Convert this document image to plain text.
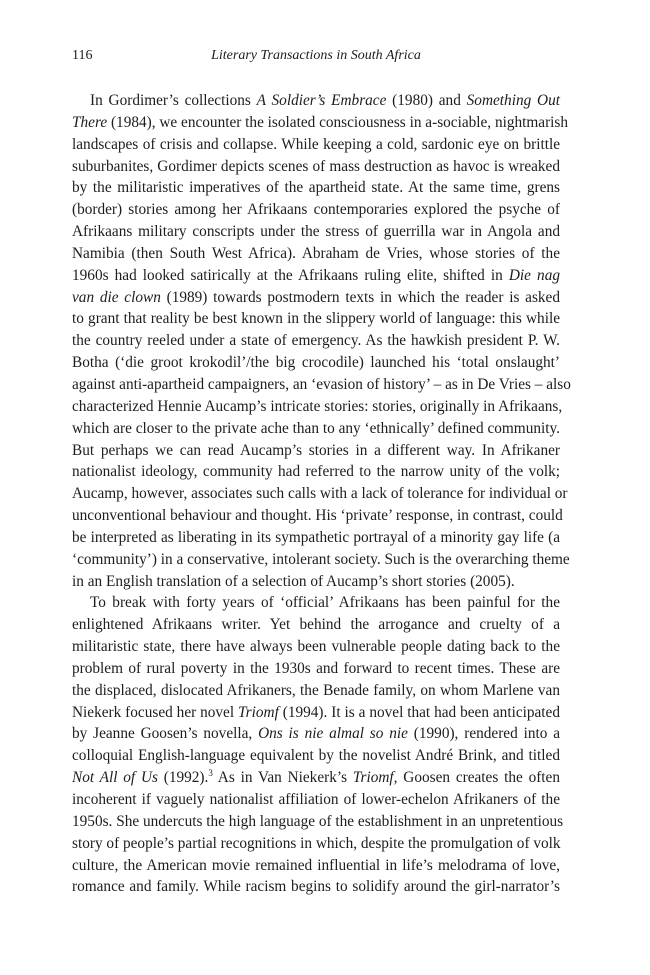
116	Literary Transactions in South Africa
In Gordimer’s collections A Soldier’s Embrace (1980) and Something Out
There (1984), we encounter the isolated consciousness in a-sociable, nightmarish
landscapes of crisis and collapse. While keeping a cold, sardonic eye on brittle
suburbanites, Gordimer depicts scenes of mass destruction as havoc is wreaked
by the militaristic imperatives of the apartheid state. At the same time, grens
(border) stories among her Afrikaans contemporaries explored the psyche of
Afrikaans military conscripts under the stress of guerrilla war in Angola and
Namibia (then South West Africa). Abraham de Vries, whose stories of the
1960s had looked satirically at the Afrikaans ruling elite, shifted in Die nag
van die clown (1989) towards postmodern texts in which the reader is asked
to grant that reality be best known in the slippery world of language: this while
the country reeled under a state of emergency. As the hawkish president P. W.
Botha (‘die groot krokodil’/the big crocodile) launched his ‘total onslaught’
against anti-apartheid campaigners, an ‘evasion of history’ – as in De Vries – also
characterized Hennie Aucamp’s intricate stories: stories, originally in Afrikaans,
which are closer to the private ache than to any ‘ethnically’ defined community.
But perhaps we can read Aucamp’s stories in a different way. In Afrikaner
nationalist ideology, community had referred to the narrow unity of the volk;
Aucamp, however, associates such calls with a lack of tolerance for individual or
unconventional behaviour and thought. His ‘private’ response, in contrast, could
be interpreted as liberating in its sympathetic portrayal of a minority gay life (a
‘community’) in a conservative, intolerant society. Such is the overarching theme
in an English translation of a selection of Aucamp’s short stories (2005).
To break with forty years of ‘official’ Afrikaans has been painful for the
enlightened Afrikaans writer. Yet behind the arrogance and cruelty of a
militaristic state, there have always been vulnerable people dating back to the
problem of rural poverty in the 1930s and forward to recent times. These are
the displaced, dislocated Afrikaners, the Benade family, on whom Marlene van
Niekerk focused her novel Triomf (1994). It is a novel that had been anticipated
by Jeanne Goosen’s novella, Ons is nie almal so nie (1990), rendered into a
colloquial English-language equivalent by the novelist André Brink, and titled
Not All of Us (1992).$^3$ As in Van Niekerk’s Triomf, Goosen creates the often
incoherent if vaguely nationalist affiliation of lower-echelon Afrikaners of the
1950s. She undercuts the high language of the establishment in an unpretentious
story of people’s partial recognitions in which, despite the promulgation of volk
culture, the American movie remained influential in life’s melodrama of love,
romance and family. While racism begins to solidify around the girl-narrator’s
